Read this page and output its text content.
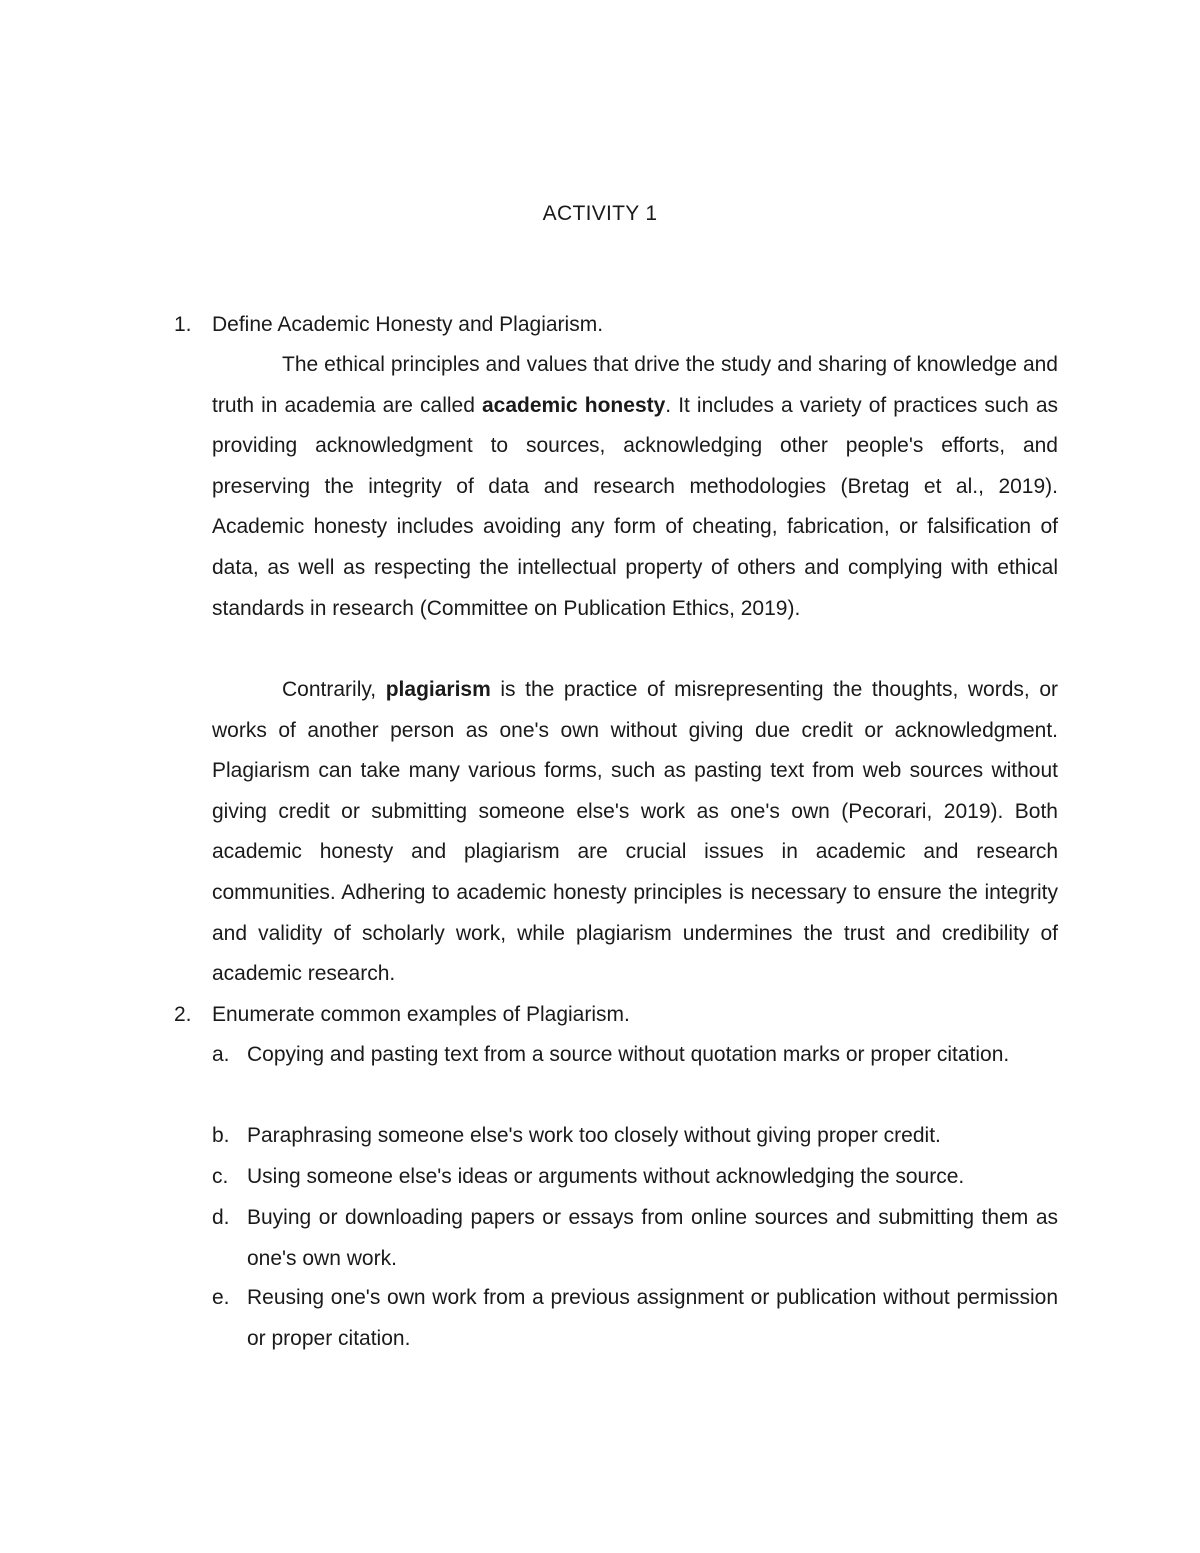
ACTIVITY 1
1. Define Academic Honesty and Plagiarism.
The ethical principles and values that drive the study and sharing of knowledge and truth in academia are called academic honesty. It includes a variety of practices such as providing acknowledgment to sources, acknowledging other people's efforts, and preserving the integrity of data and research methodologies (Bretag et al., 2019). Academic honesty includes avoiding any form of cheating, fabrication, or falsification of data, as well as respecting the intellectual property of others and complying with ethical standards in research (Committee on Publication Ethics, 2019).
Contrarily, plagiarism is the practice of misrepresenting the thoughts, words, or works of another person as one's own without giving due credit or acknowledgment. Plagiarism can take many various forms, such as pasting text from web sources without giving credit or submitting someone else's work as one's own (Pecorari, 2019). Both academic honesty and plagiarism are crucial issues in academic and research communities. Adhering to academic honesty principles is necessary to ensure the integrity and validity of scholarly work, while plagiarism undermines the trust and credibility of academic research.
2. Enumerate common examples of Plagiarism.
a. Copying and pasting text from a source without quotation marks or proper citation.
b. Paraphrasing someone else's work too closely without giving proper credit.
c. Using someone else's ideas or arguments without acknowledging the source.
d. Buying or downloading papers or essays from online sources and submitting them as one's own work.
e. Reusing one's own work from a previous assignment or publication without permission or proper citation.
